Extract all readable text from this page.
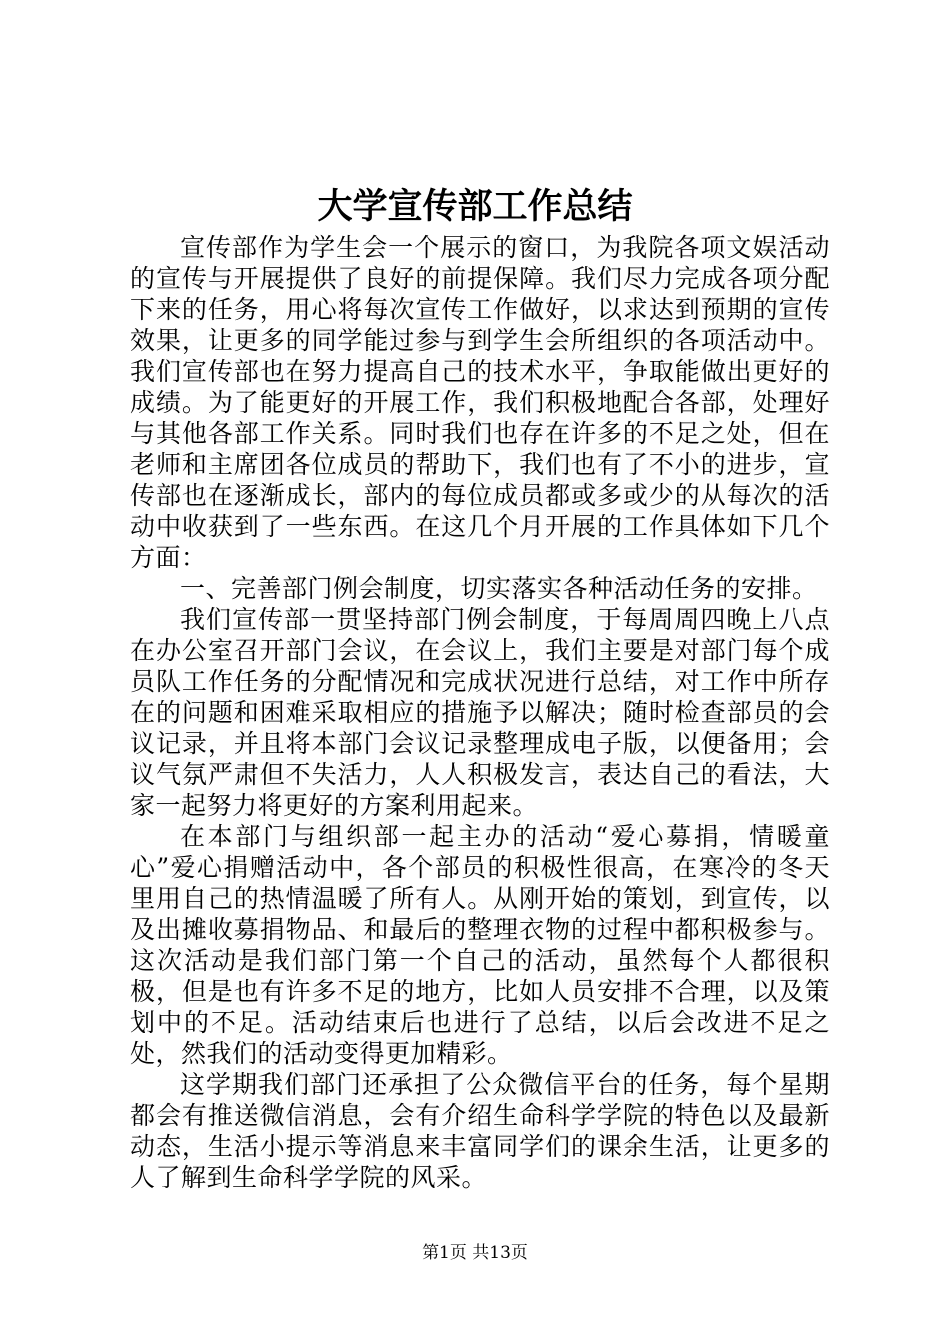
大学宣传部工作总结

宣传部作为学生会一个展示的窗口，为我院各项文娱活动的宣传与开展提供了良好的前提保障。我们尽力完成各项分配下来的任务，用心将每次宣传工作做好，以求达到预期的宣传效果，让更多的同学能过参与到学生会所组织的各项活动中。我们宣传部也在努力提高自己的技术水平，争取能做出更好的成绩。为了能更好的开展工作，我们积极地配合各部，处理好与其他各部工作关系。同时我们也存在许多的不足之处，但在老师和主席团各位成员的帮助下，我们也有了不小的进步，宣传部也在逐渐成长，部内的每位成员都或多或少的从每次的活动中收获到了一些东西。在这几个月开展的工作具体如下几个方面：

一、完善部门例会制度，切实落实各种活动任务的安排。

我们宣传部一贯坚持部门例会制度，于每周周四晚上八点在办公室召开部门会议，在会议上，我们主要是对部门每个成员队工作任务的分配情况和完成状况进行总结，对工作中所存在的问题和困难采取相应的措施予以解决；随时检查部员的会议记录，并且将本部门会议记录整理成电子版，以便备用；会议气氛严肃但不失活力，人人积极发言，表达自己的看法，大家一起努力将更好的方案利用起来。

在本部门与组织部一起主办的活动“爱心募捐，情暖童心”爱心捐赠活动中，各个部员的积极性很高，在寒冷的冬天里用自己的热情温暖了所有人。从刚开始的策划，到宣传，以及出摊收募捐物品、和最后的整理衣物的过程中都积极参与。这次活动是我们部门第一个自己的活动，虽然每个人都很积极，但是也有许多不足的地方，比如人员安排不合理，以及策划中的不足。活动结束后也进行了总结，以后会改进不足之处，然我们的活动变得更加精彩。

这学期我们部门还承担了公众微信平台的任务，每个星期都会有推送微信消息，会有介绍生命科学学院的特色以及最新动态，生活小提示等消息来丰富同学们的课余生活，让更多的人了解到生命科学学院的风采。

第1页 共13页
